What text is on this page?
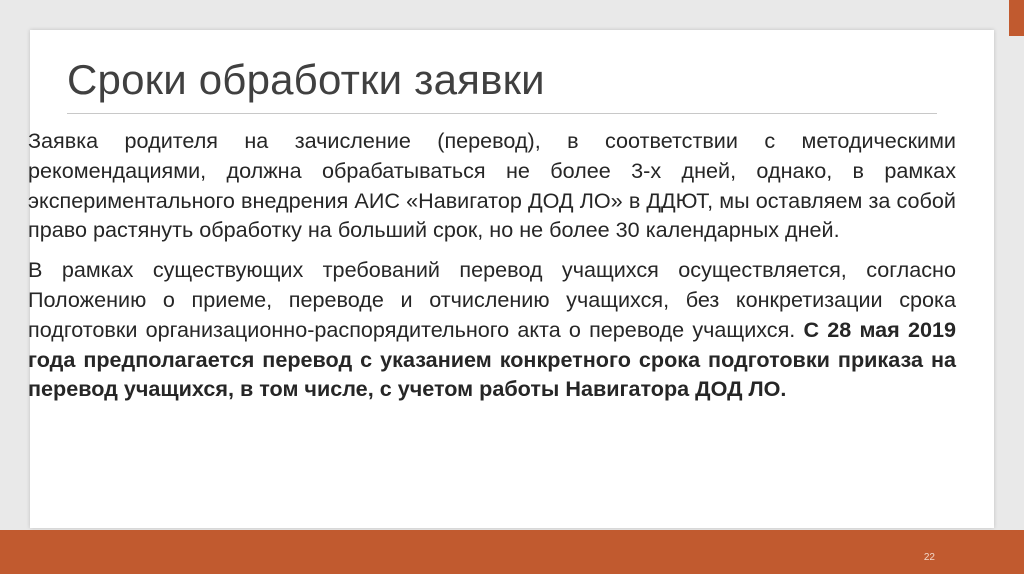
Сроки обработки заявки

Заявка родителя на зачисление (перевод), в соответствии с методическими рекомендациями, должна обрабатываться не более 3-х дней, однако, в рамках экспериментального внедрения АИС «Навигатор ДОД ЛО» в ДДЮТ, мы оставляем за собой право растянуть обработку на больший срок, но не более 30 календарных дней.

В рамках существующих требований перевод учащихся осуществляется, согласно Положению о приеме, переводе и отчислению учащихся, без конкретизации срока подготовки организационно-распорядительного акта о переводе учащихся. С 28 мая 2019 года предполагается перевод с указанием конкретного срока подготовки приказа на перевод учащихся, в том числе, с учетом работы Навигатора ДОД ЛО.

22
